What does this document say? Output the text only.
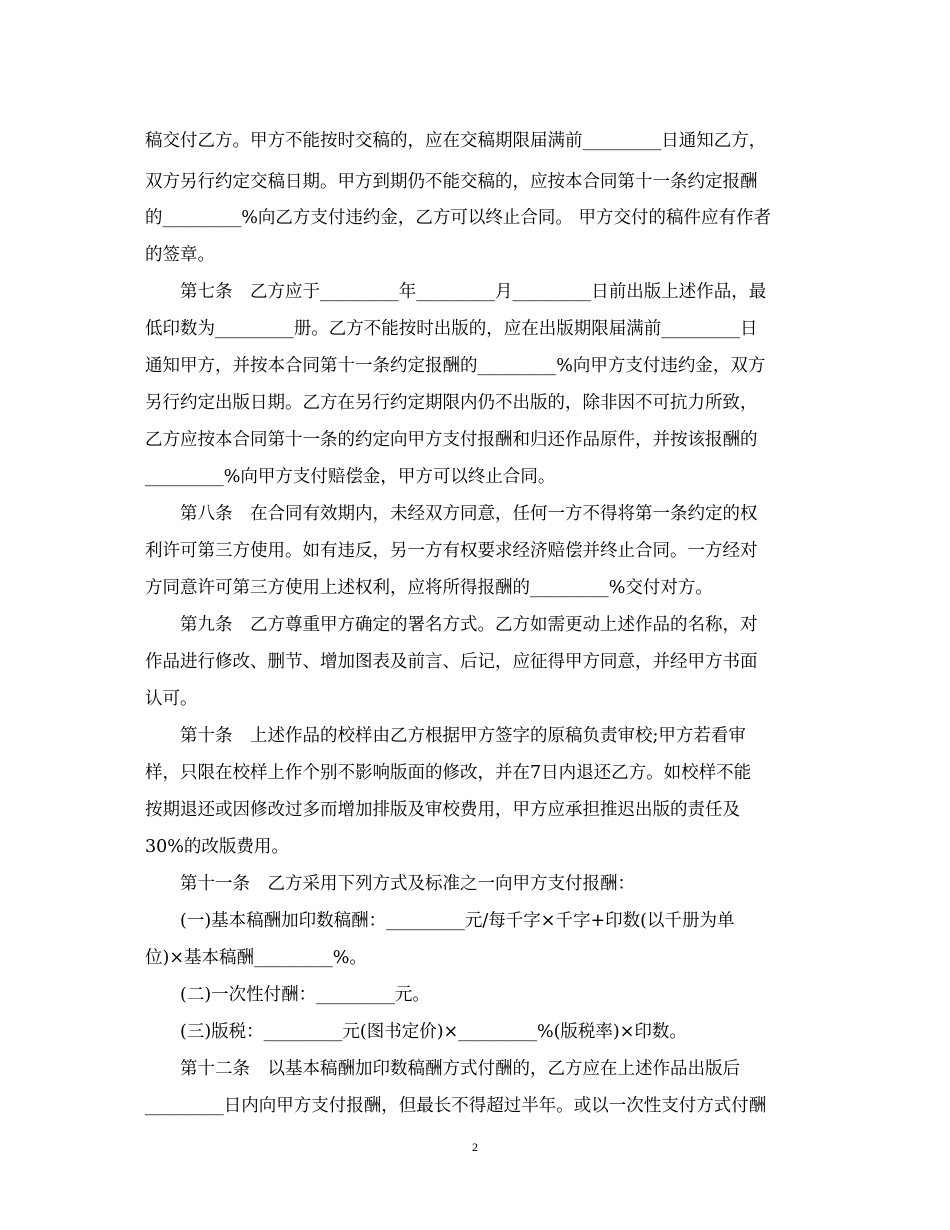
稿交付乙方。甲方不能按时交稿的，应在交稿期限届满前_________日通知乙方，
双方另行约定交稿日期。甲方到期仍不能交稿的，应按本合同第十一条约定报酬
的_________%向乙方支付违约金，乙方可以终止合同。 甲方交付的稿件应有作者
的签章。
　　第七条　乙方应于_________年_________月_________日前出版上述作品，最
低印数为_________册。乙方不能按时出版的，应在出版期限届满前_________日
通知甲方，并按本合同第十一条约定报酬的_________%向甲方支付违约金，双方
另行约定出版日期。乙方在另行约定期限内仍不出版的，除非因不可抗力所致，
乙方应按本合同第十一条的约定向甲方支付报酬和归还作品原件，并按该报酬的
_________%向甲方支付赔偿金，甲方可以终止合同。
　　第八条　在合同有效期内，未经双方同意，任何一方不得将第一条约定的权
利许可第三方使用。如有违反，另一方有权要求经济赔偿并终止合同。一方经对
方同意许可第三方使用上述权利，应将所得报酬的_________%交付对方。
　　第九条　乙方尊重甲方确定的署名方式。乙方如需更动上述作品的名称，对
作品进行修改、删节、增加图表及前言、后记，应征得甲方同意，并经甲方书面
认可。
　　第十条　上述作品的校样由乙方根据甲方签字的原稿负责审校;甲方若看审
样，只限在校样上作个别不影响版面的修改，并在7日内退还乙方。如校样不能
按期退还或因修改过多而增加排版及审校费用，甲方应承担推迟出版的责任及
30%的改版费用。
　　第十一条　乙方采用下列方式及标准之一向甲方支付报酬：
　　(一)基本稿酬加印数稿酬：_________元/每千字×千字+印数(以千册为单
位)×基本稿酬_________%。
　　(二)一次性付酬：_________元。
　　(三)版税：_________元(图书定价)×_________%(版税率)×印数。
　　第十二条　以基本稿酬加印数稿酬方式付酬的，乙方应在上述作品出版后
_________日内向甲方支付报酬，但最长不得超过半年。或以一次性支付方式付酬
2
